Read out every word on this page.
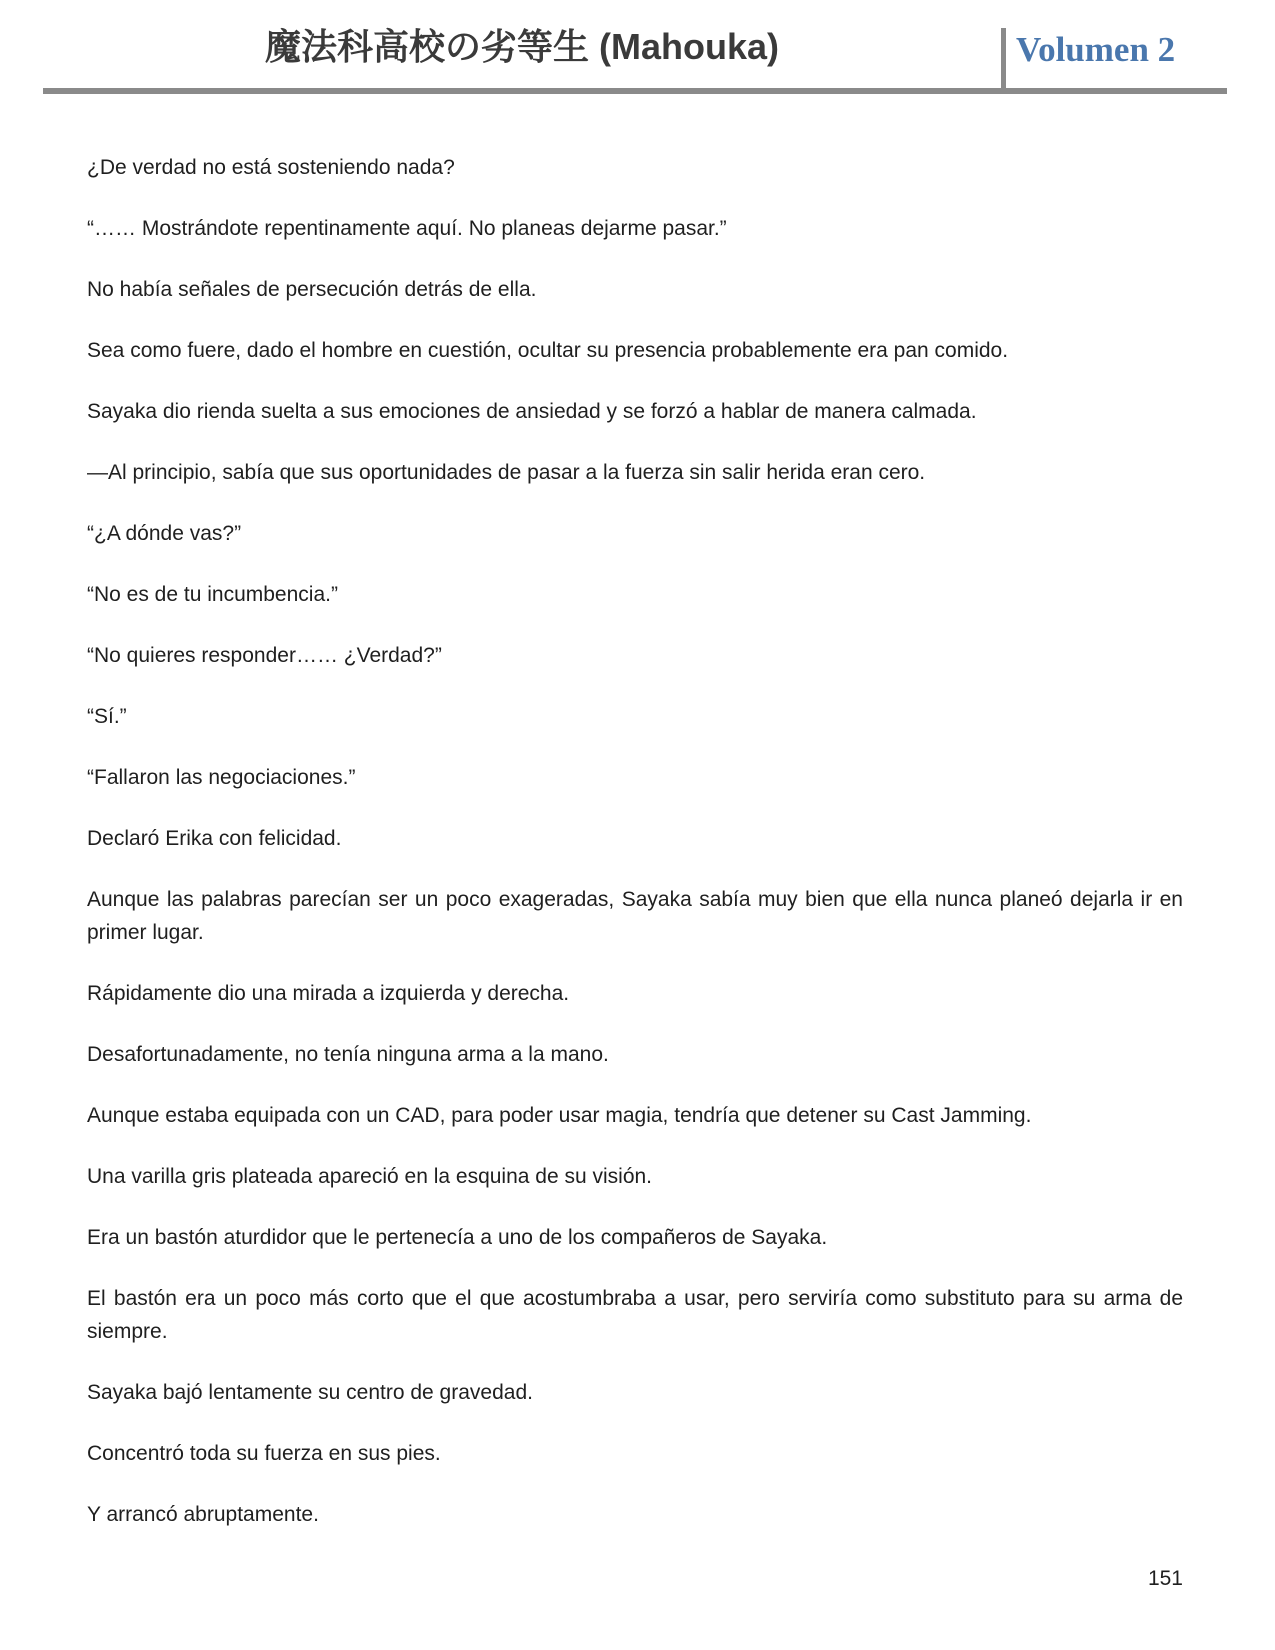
魔法科高校の劣等生 (Mahouka)	Volumen 2

¿De verdad no está sosteniendo nada?

“…… Mostrándote repentinamente aquí. No planeas dejarme pasar.”

No había señales de persecución detrás de ella.

Sea como fuere, dado el hombre en cuestión, ocultar su presencia probablemente era pan comido.

Sayaka dio rienda suelta a sus emociones de ansiedad y se forzó a hablar de manera calmada.

—Al principio, sabía que sus oportunidades de pasar a la fuerza sin salir herida eran cero.

“¿A dónde vas?”

“No es de tu incumbencia.”

“No quieres responder…… ¿Verdad?”

“Sí.”

“Fallaron las negociaciones.”

Declaró Erika con felicidad.

Aunque las palabras parecían ser un poco exageradas, Sayaka sabía muy bien que ella nunca planeó dejarla ir en primer lugar.

Rápidamente dio una mirada a izquierda y derecha.

Desafortunadamente, no tenía ninguna arma a la mano.

Aunque estaba equipada con un CAD, para poder usar magia, tendría que detener su Cast Jamming.

Una varilla gris plateada apareció en la esquina de su visión.

Era un bastón aturdidor que le pertenecía a uno de los compañeros de Sayaka.

El bastón era un poco más corto que el que acostumbraba a usar, pero serviría como substituto para su arma de siempre.

Sayaka bajó lentamente su centro de gravedad.

Concentró toda su fuerza en sus pies.

Y arrancó abruptamente.

151
